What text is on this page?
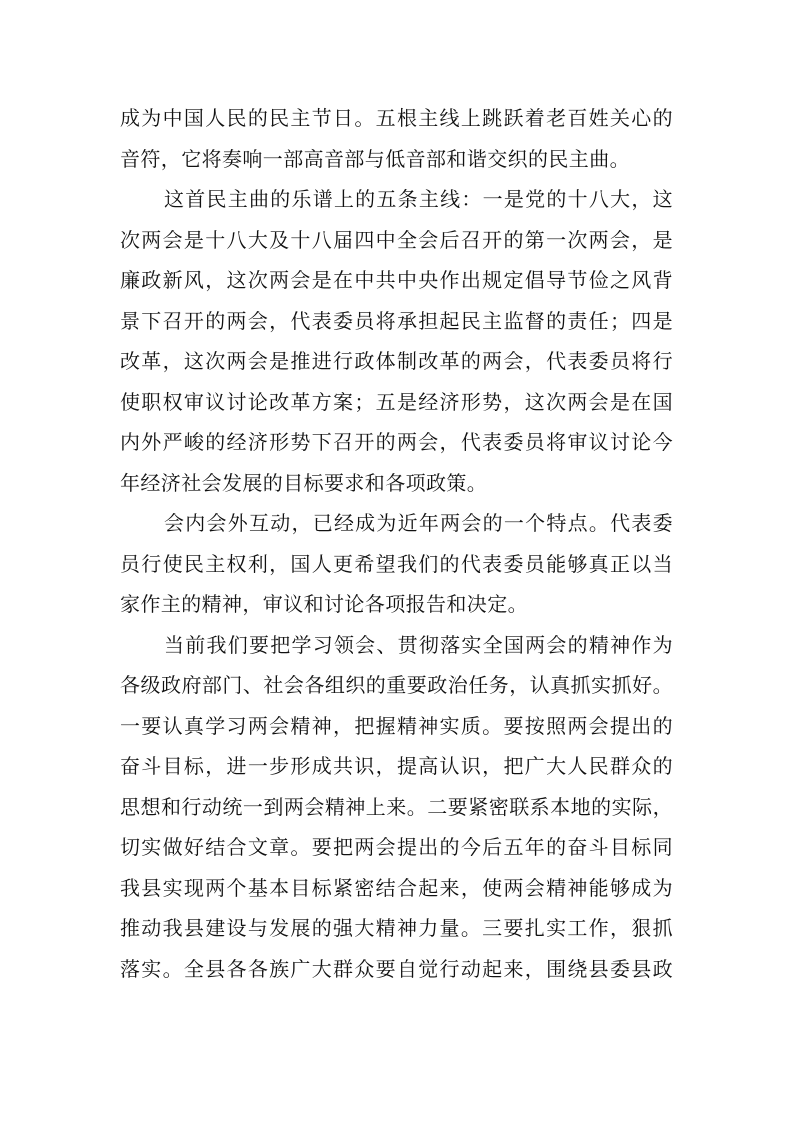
成为中国人民的民主节日。五根主线上跳跃着老百姓关心的
音符，它将奏响一部高音部与低音部和谐交织的民主曲。
这首民主曲的乐谱上的五条主线：一是党的十八大，这
次两会是十八大及十八届四中全会后召开的第一次两会，是
廉政新风，这次两会是在中共中央作出规定倡导节俭之风背
景下召开的两会，代表委员将承担起民主监督的责任；四是
改革，这次两会是推进行政体制改革的两会，代表委员将行
使职权审议讨论改革方案；五是经济形势，这次两会是在国
内外严峻的经济形势下召开的两会，代表委员将审议讨论今
年经济社会发展的目标要求和各项政策。
会内会外互动，已经成为近年两会的一个特点。代表委
员行使民主权利，国人更希望我们的代表委员能够真正以当
家作主的精神，审议和讨论各项报告和决定。
当前我们要把学习领会、贯彻落实全国两会的精神作为
各级政府部门、社会各组织的重要政治任务，认真抓实抓好。
一要认真学习两会精神，把握精神实质。要按照两会提出的
奋斗目标，进一步形成共识，提高认识，把广大人民群众的
思想和行动统一到两会精神上来。二要紧密联系本地的实际，
切实做好结合文章。要把两会提出的今后五年的奋斗目标同
我县实现两个基本目标紧密结合起来，使两会精神能够成为
推动我县建设与发展的强大精神力量。三要扎实工作，狠抓
落实。全县各各族广大群众要自觉行动起来，围绕县委县政
